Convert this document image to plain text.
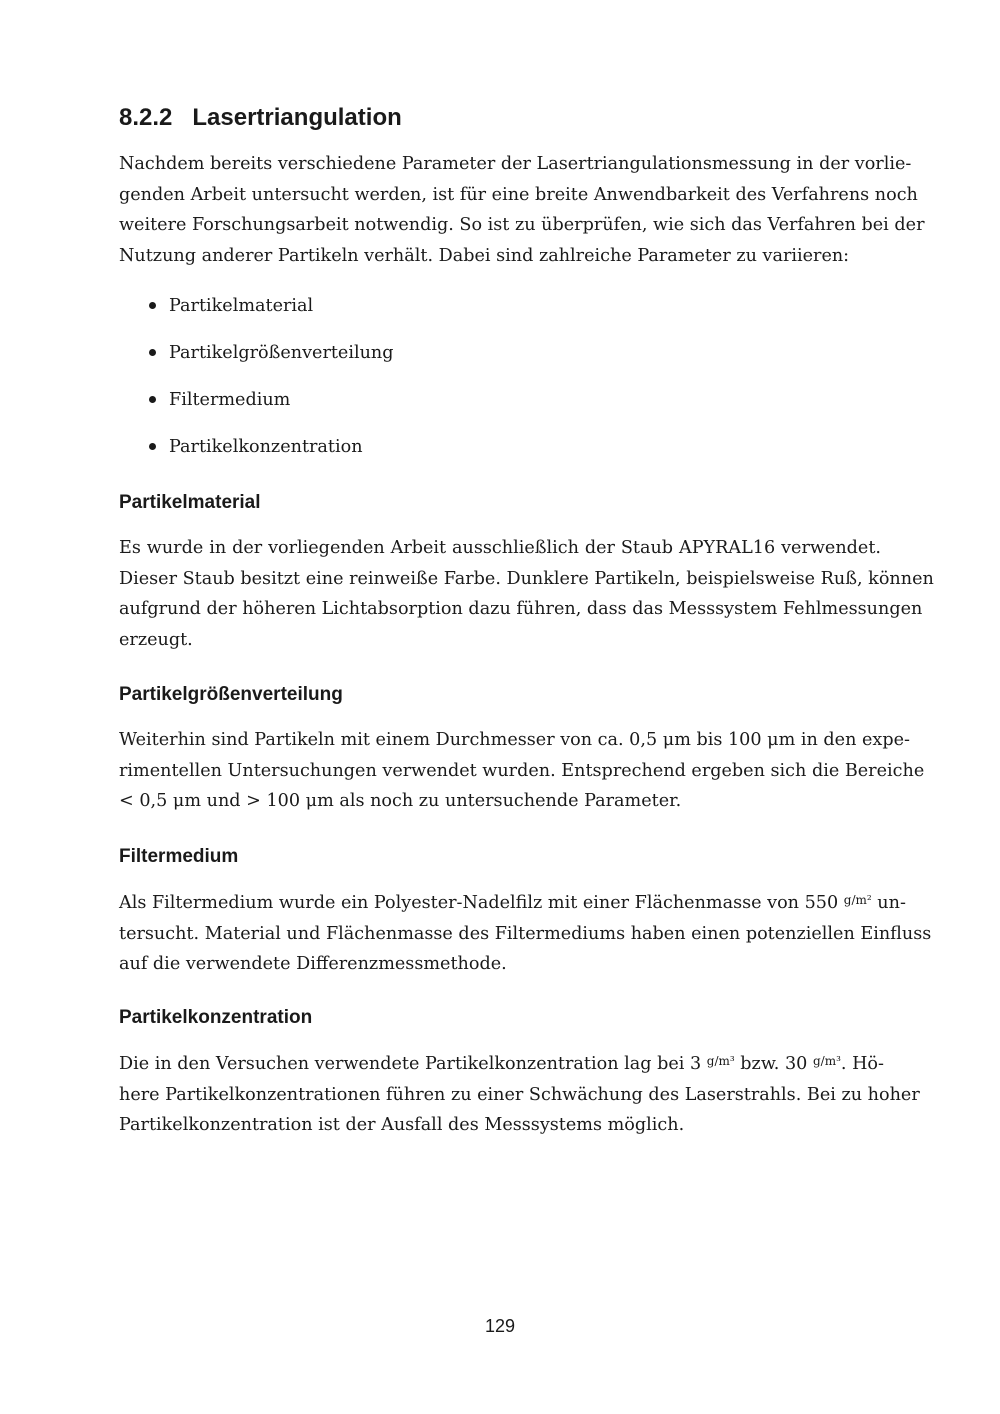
8.2.2 Lasertriangulation

Nachdem bereits verschiedene Parameter der Lasertriangulationsmessung in der vorlie-
genden Arbeit untersucht werden, ist für eine breite Anwendbarkeit des Verfahrens noch
weitere Forschungsarbeit notwendig. So ist zu überprüfen, wie sich das Verfahren bei der
Nutzung anderer Partikeln verhält. Dabei sind zahlreiche Parameter zu variieren:

Partikelmaterial
Partikelgrößenverteilung
Filtermedium
Partikelkonzentration
Partikelmaterial

Es wurde in der vorliegenden Arbeit ausschließlich der Staub APYRAL16 verwendet.
Dieser Staub besitzt eine reinweiße Farbe. Dunklere Partikeln, beispielsweise Ruß, können
aufgrund der höheren Lichtabsorption dazu führen, dass das Messsystem Fehlmessungen
erzeugt.

Partikelgrößenverteilung

Weiterhin sind Partikeln mit einem Durchmesser von ca. 0,5 μm bis 100 μm in den expe-
rimentellen Untersuchungen verwendet wurden. Entsprechend ergeben sich die Bereiche
< 0,5 μm und > 100 μm als noch zu untersuchende Parameter.

Filtermedium

Als Filtermedium wurde ein Polyester-Nadelfilz mit einer Flächenmasse von 550 $^{g/m^2}$ un-
tersucht. Material und Flächenmasse des Filtermediums haben einen potenziellen Einfluss
auf die verwendete Differenzmessmethode.

Partikelkonzentration

Die in den Versuchen verwendete Partikelkonzentration lag bei 3 $^{g/m^3}$ bzw. 30 $^{g/m^3}$. Hö-
here Partikelkonzentrationen führen zu einer Schwächung des Laserstrahls. Bei zu hoher
Partikelkonzentration ist der Ausfall des Messsystems möglich.

129
